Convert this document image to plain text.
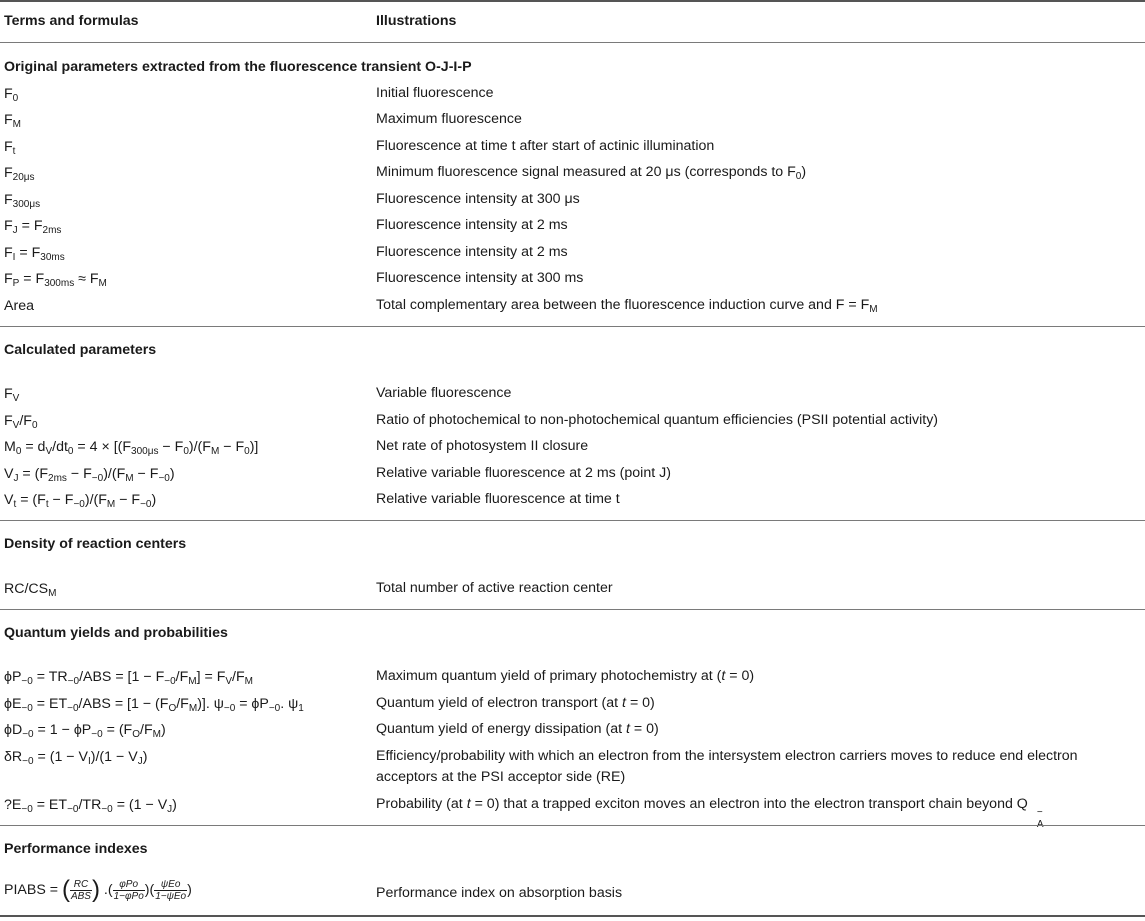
Terms and formulas	Illustrations
Original parameters extracted from the fluorescence transient O-J-I-P
$F_0$	Initial fluorescence
$F_M$	Maximum fluorescence
$F_t$	Fluorescence at time t after start of actinic illumination
$F_{20\mu s}$	Minimum fluorescence signal measured at 20 μs (corresponds to $F_0$)
$F_{300\mu s}$	Fluorescence intensity at 300 μs
$F_J = F_{2ms}$	Fluorescence intensity at 2 ms
$F_I = F_{30ms}$	Fluorescence intensity at 2 ms
$F_P = F_{300ms} \approx F_M$	Fluorescence intensity at 300 ms
Area	Total complementary area between the fluorescence induction curve and $F = F_M$
Calculated parameters
$F_V$	Variable fluorescence
$F_V/F_0$	Ratio of photochemical to non-photochemical quantum efficiencies (PSII potential activity)
$M_0 = d_V/dt_0 = 4 \times [(F_{300\mu s} - F_0)/(F_M - F_0)]$	Net rate of photosystem II closure
$V_J = (F_{2ms} - F_{-0})/(F_M - F_{-0})$	Relative variable fluorescence at 2 ms (point J)
$V_t = (F_t - F_{-0})/(F_M - F_{-0})$	Relative variable fluorescence at time t
Density of reaction centers
$RC/CS_M$	Total number of active reaction center
Quantum yields and probabilities
$\phi P_{-0} = TR_{-0}/ABS = [1 - F_{-0}/F_M] = F_V/F_M$	Maximum quantum yield of primary photochemistry at (t = 0)
$\phi E_{-0} = ET_{-0}/ABS = [1 - (F_O/F_M)]$. $\psi_{-0} = \phi P_{-0}$. $\psi_1$	Quantum yield of electron transport (at t = 0)
$\phi D_{-0} = 1 - \phi P_{-0} = (F_O/F_M)$	Quantum yield of energy dissipation (at t = 0)
$\delta R_{-0} = (1 - V_I)/(1 - V_J)$	Efficiency/probability with which an electron from the intersystem electron carriers moves to reduce end electron acceptors at the PSI acceptor side (RE)
$?E_{-0} = ET_{-0}/TR_{-0} = (1 - V_J)$	Probability (at t = 0) that a trapped exciton moves an electron into the electron transport chain beyond Q
−
Performance indexes
PIABS = ( $\frac{RC}{\text{ABS}}$ ) .( $\frac{\text{φPo}}{\text{1−φPo}}$ )( $\frac{\text{ψEo}}{\text{1−ψEo}}$ )	Performance index on absorption basis
